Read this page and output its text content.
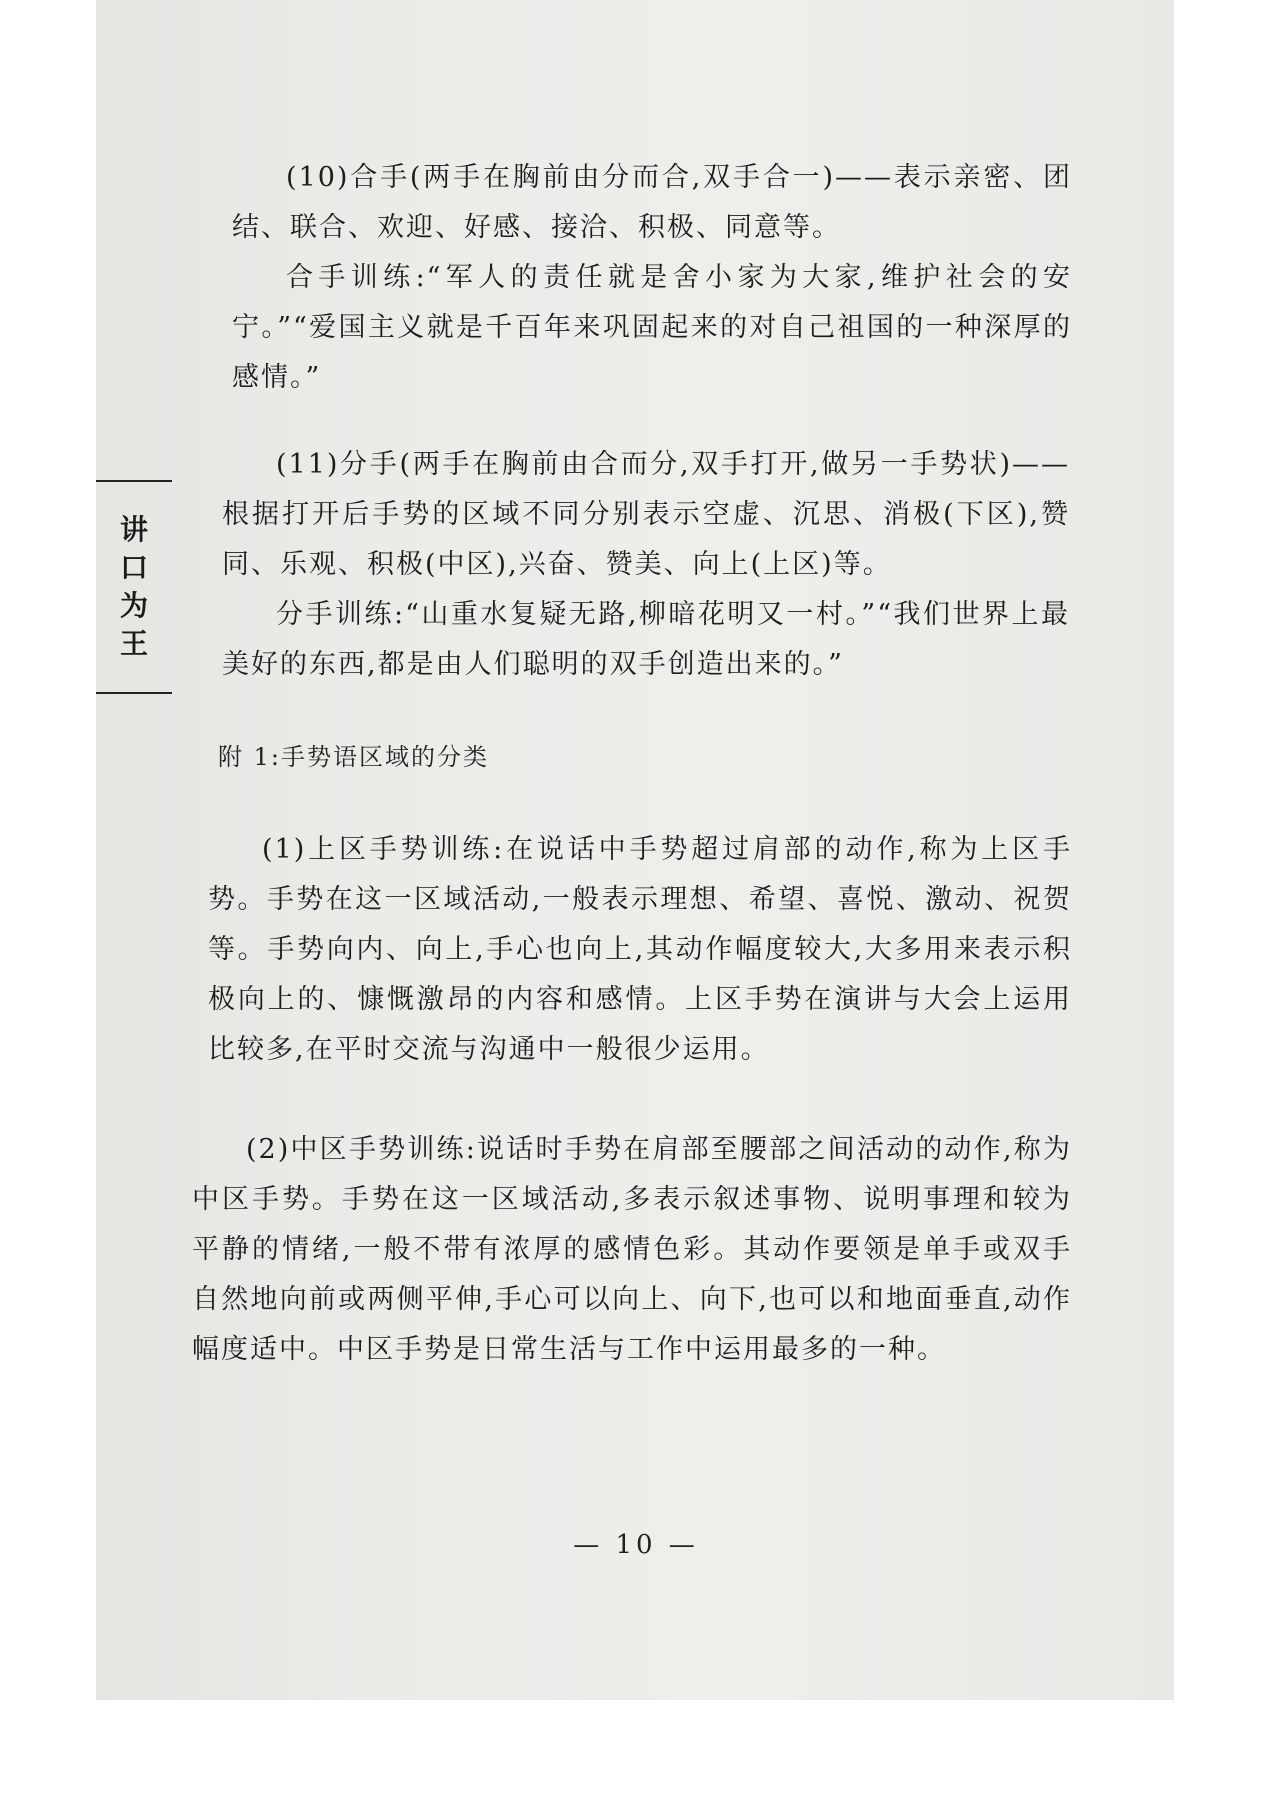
讲
口
为
王

(10)合手(两手在胸前由分而合,双手合一)——表示亲密、团结、联合、欢迎、好感、接洽、积极、同意等。

合手训练:“军人的责任就是舍小家为大家,维护社会的安宁。”“爱国主义就是千百年来巩固起来的对自己祖国的一种深厚的感情。”

(11)分手(两手在胸前由合而分,双手打开,做另一手势状)——根据打开后手势的区域不同分别表示空虚、沉思、消极(下区),赞同、乐观、积极(中区),兴奋、赞美、向上(上区)等。

分手训练:“山重水复疑无路,柳暗花明又一村。”“我们世界上最美好的东西,都是由人们聪明的双手创造出来的。”

附 1:手势语区域的分类

(1)上区手势训练:在说话中手势超过肩部的动作,称为上区手势。手势在这一区域活动,一般表示理想、希望、喜悦、激动、祝贺等。手势向内、向上,手心也向上,其动作幅度较大,大多用来表示积极向上的、慷慨激昂的内容和感情。上区手势在演讲与大会上运用比较多,在平时交流与沟通中一般很少运用。

(2)中区手势训练:说话时手势在肩部至腰部之间活动的动作,称为中区手势。手势在这一区域活动,多表示叙述事物、说明事理和较为平静的情绪,一般不带有浓厚的感情色彩。其动作要领是单手或双手自然地向前或两侧平伸,手心可以向上、向下,也可以和地面垂直,动作幅度适中。中区手势是日常生活与工作中运用最多的一种。

— 10 —
